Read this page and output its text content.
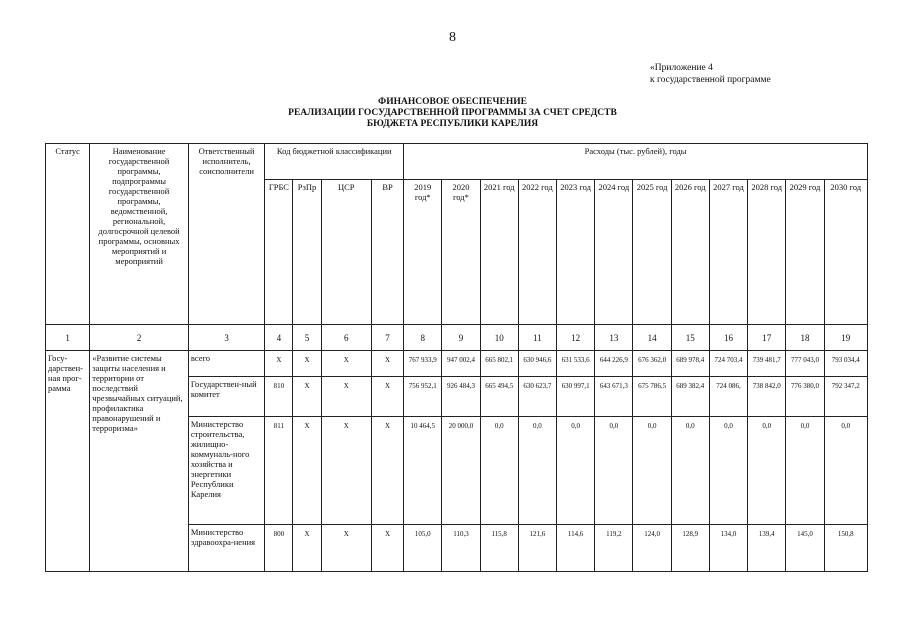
8
«Приложение 4
к государственной программе
ФИНАНСОВОЕ ОБЕСПЕЧЕНИЕ
РЕАЛИЗАЦИИ ГОСУДАРСТВЕННОЙ ПРОГРАММЫ ЗА СЧЕТ СРЕДСТВ
БЮДЖЕТА РЕСПУБЛИКИ КАРЕЛИЯ
Статус	Наименование государственной программы, подпрограммы государственной программы, ведомственной, региональной, долгосрочной целевой программы, основных мероприятий и мероприятий	Ответственный исполнитель, соисполнители	Код бюджетной классификации				Расходы (тыс. рублей), годы											
			ГРБС	РзПр	ЦСР	ВР	2019 год*	2020 год*	2021 год	2022 год	2023 год	2024 год	2025 год	2026 год	2027 год	2028 год	2029 год	2030 год
1	2	3	4	5	6	7	8	9	10	11	12	13	14	15	16	17	18	19
Госу-дарствен-ная прог-рамма	«Развитие системы защиты населения и территории от последствий чрезвычайных ситуаций, профилактика правонарушений и терроризма»	всего	Х	Х	Х	Х	767 933,9	947 002,4	665 802,1	630 946,6	631 533,6	644 226,9	676 362,0	689 978,4	724 703,4	739 481,7	777 043,0	793 034,4
		Государствен-ный комитет	810	Х	Х	Х	756 952,1	926 484,3	665 494,5	630 623,7	630 997,1	643 671,3	675 786,5	689 382,4	724 086,	738 842,0	776 380,0	792 347,2
		Министерство строительства, жилищно-коммуналь-ного хозяйства и энергетики Республики Карелия	811	Х	Х	Х	10 464,5	20 000,0	0,0	0,0	0,0	0,0	0,0	0,0	0,0	0,0	0,0	0,0
		Министерство здравоохра-нения	800	Х	Х	Х	105,0	110,3	115,8	121,6	114,6	119,2	124,0	128,9	134,0	139,4	145,0	150,8
